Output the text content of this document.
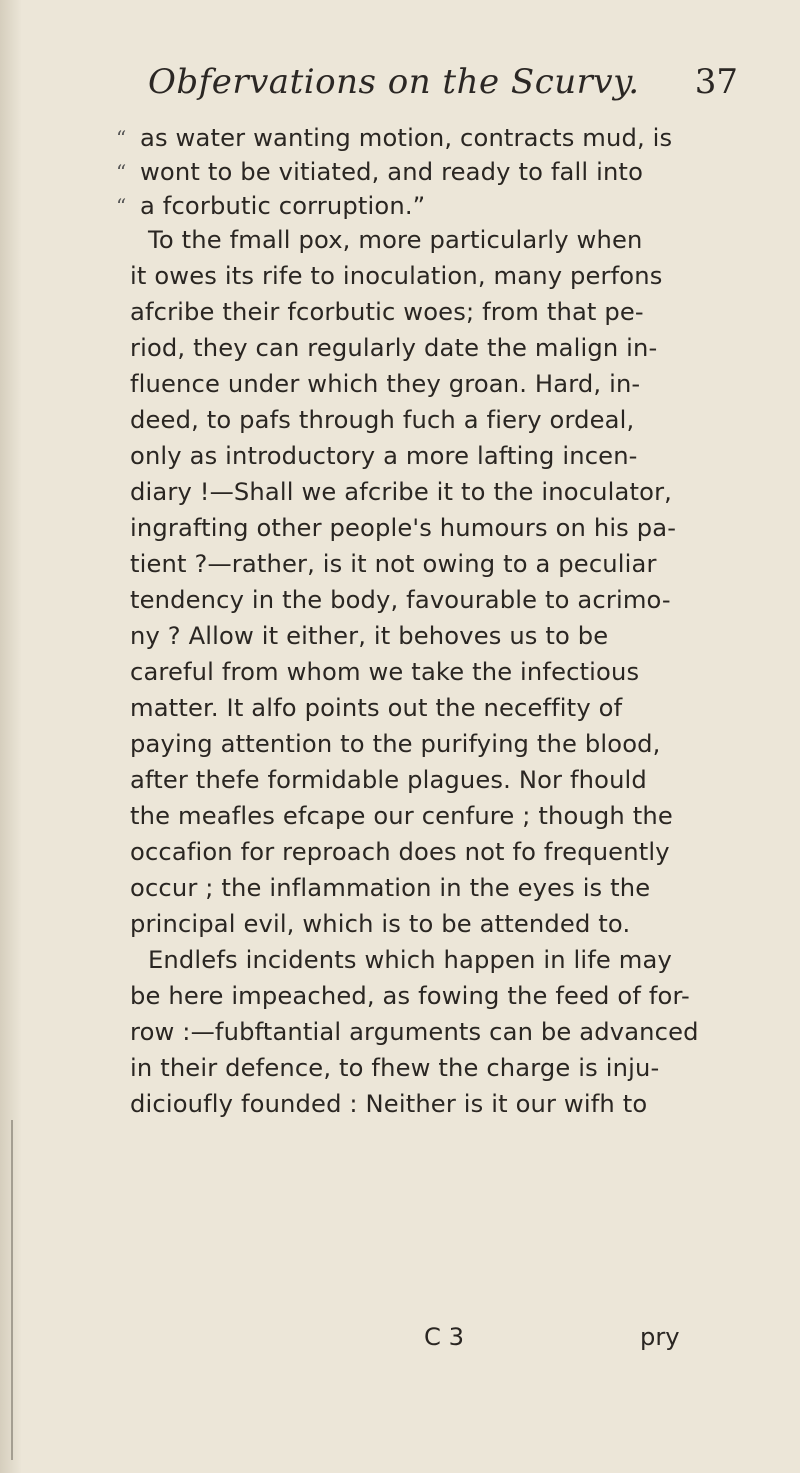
Obfervations on the Scurvy. 37
“ as water wanting motion, contracts mud, is
“ wont to be vitiated, and ready to fall into
“ a fcorbutic corruption.”
To the fmall pox, more particularly when
it owes its rife to inoculation, many perfons
afcribe their fcorbutic woes; from that pe-
riod, they can regularly date the malign in-
fluence under which they groan. Hard, in-
deed, to pafs through fuch a fiery ordeal,
only as introductory a more lafting incen-
diary !—Shall we afcribe it to the inoculator,
ingrafting other people's humours on his pa-
tient ?—rather, is it not owing to a peculiar
tendency in the body, favourable to acrimo-
ny ? Allow it either, it behoves us to be
careful from whom we take the infectious
matter. It alfo points out the neceffity of
paying attention to the purifying the blood,
after thefe formidable plagues. Nor fhould
the meafles efcape our cenfure ; though the
occafion for reproach does not fo frequently
occur ; the inflammation in the eyes is the
principal evil, which is to be attended to.
Endlefs incidents which happen in life may
be here impeached, as fowing the feed of for-
row :—fubftantial arguments can be advanced
in their defence, to fhew the charge is inju-
dicioufly founded : Neither is it our wifh to
C 3	pry
